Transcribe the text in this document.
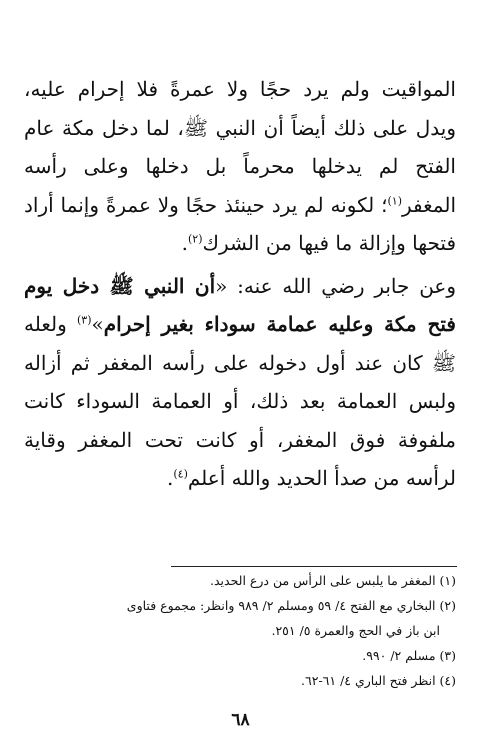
المواقيت ولم يرد حجًا ولا عمرةً فلا إحرام عليه، ويدل على ذلك أيضاً أن النبي ﷺ، لما دخل مكة عام الفتح لم يدخلها محرماً بل دخلها وعلى رأسه المغفر$^{(١)}$؛ لكونه لم يرد حينئذ حجًا ولا عمرةً وإنما أراد فتحها وإزالة ما فيها من الشرك$^{(٢)}$.

وعن جابر رضي الله عنه: «أن النبي ﷺ دخل يوم فتح مكة وعليه عمامة سوداء بغير إحرام»$^{(٣)}$ ولعله ﷺ كان عند أول دخوله على رأسه المغفر ثم أزاله ولبس العمامة بعد ذلك، أو العمامة السوداء كانت ملفوفة فوق المغفر، أو كانت تحت المغفر وقاية لرأسه من صدأ الحديد والله أعلم$^{(٤)}$.

(١) المغفر ما يلبس على الرأس من درع الحديد.

(٢) البخاري مع الفتح ٤/ ٥٩ ومسلم ٢/ ٩٨٩ وانظر: مجموع فتاوى

ابن باز في الحج والعمرة ٥/ ٢٥١.

(٣) مسلم ٢/ ٩٩٠.

(٤) انظر فتح الباري ٤/ ٦١-٦٢.

٦٨
